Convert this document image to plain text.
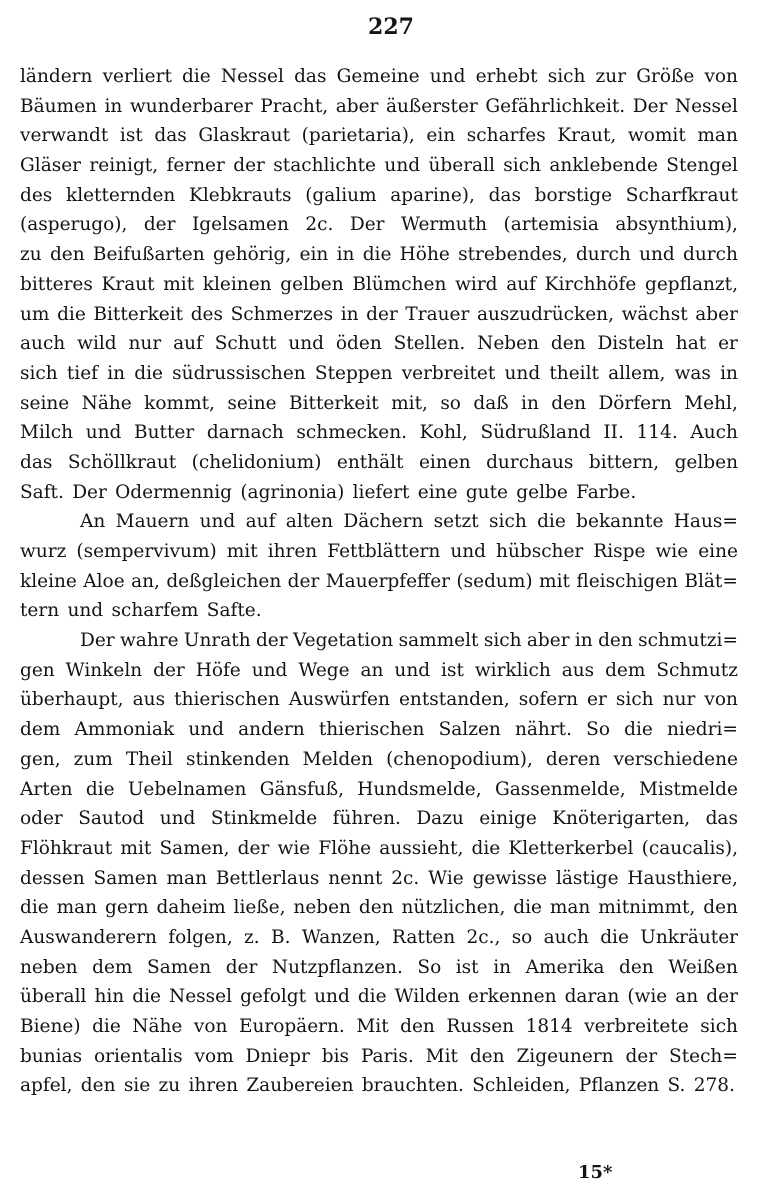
227
ländern verliert die Nessel das Gemeine und erhebt sich zur Größe von
Bäumen in wunderbarer Pracht, aber äußerster Gefährlichkeit. Der Nessel
verwandt ist das Glaskraut (parietaria), ein scharfes Kraut, womit man
Gläser reinigt, ferner der stachlichte und überall sich anklebende Stengel
des kletternden Klebkrauts (galium aparine), das borstige Scharfkraut
(asperugo), der Igelsamen 2c. Der Wermuth (artemisia absynthium),
zu den Beifußarten gehörig, ein in die Höhe strebendes, durch und durch
bitteres Kraut mit kleinen gelben Blümchen wird auf Kirchhöfe gepflanzt,
um die Bitterkeit des Schmerzes in der Trauer auszudrücken, wächst aber
auch wild nur auf Schutt und öden Stellen. Neben den Disteln hat er
sich tief in die südrussischen Steppen verbreitet und theilt allem, was in
seine Nähe kommt, seine Bitterkeit mit, so daß in den Dörfern Mehl,
Milch und Butter darnach schmecken. Kohl, Südrußland II. 114. Auch
das Schöllkraut (chelidonium) enthält einen durchaus bittern, gelben
Saft. Der Odermennig (agrinonia) liefert eine gute gelbe Farbe.
An Mauern und auf alten Dächern setzt sich die bekannte Haus=
wurz (sempervivum) mit ihren Fettblättern und hübscher Rispe wie eine
kleine Aloe an, deßgleichen der Mauerpfeffer (sedum) mit fleischigen Blät=
tern und scharfem Safte.
Der wahre Unrath der Vegetation sammelt sich aber in den schmutzi=
gen Winkeln der Höfe und Wege an und ist wirklich aus dem Schmutz
überhaupt, aus thierischen Auswürfen entstanden, sofern er sich nur von
dem Ammoniak und andern thierischen Salzen nährt. So die niedri=
gen, zum Theil stinkenden Melden (chenopodium), deren verschiedene
Arten die Uebelnamen Gänsfuß, Hundsmelde, Gassenmelde, Mistmelde
oder Sautod und Stinkmelde führen. Dazu einige Knöterigarten, das
Flöhkraut mit Samen, der wie Flöhe aussieht, die Kletterkerbel (caucalis),
dessen Samen man Bettlerlaus nennt 2c. Wie gewisse lästige Hausthiere,
die man gern daheim ließe, neben den nützlichen, die man mitnimmt, den
Auswanderern folgen, z. B. Wanzen, Ratten 2c., so auch die Unkräuter
neben dem Samen der Nutzpflanzen. So ist in Amerika den Weißen
überall hin die Nessel gefolgt und die Wilden erkennen daran (wie an der
Biene) die Nähe von Europäern. Mit den Russen 1814 verbreitete sich
bunias orientalis vom Dniepr bis Paris. Mit den Zigeunern der Stech=
apfel, den sie zu ihren Zaubereien brauchten. Schleiden, Pflanzen S. 278.
15*
